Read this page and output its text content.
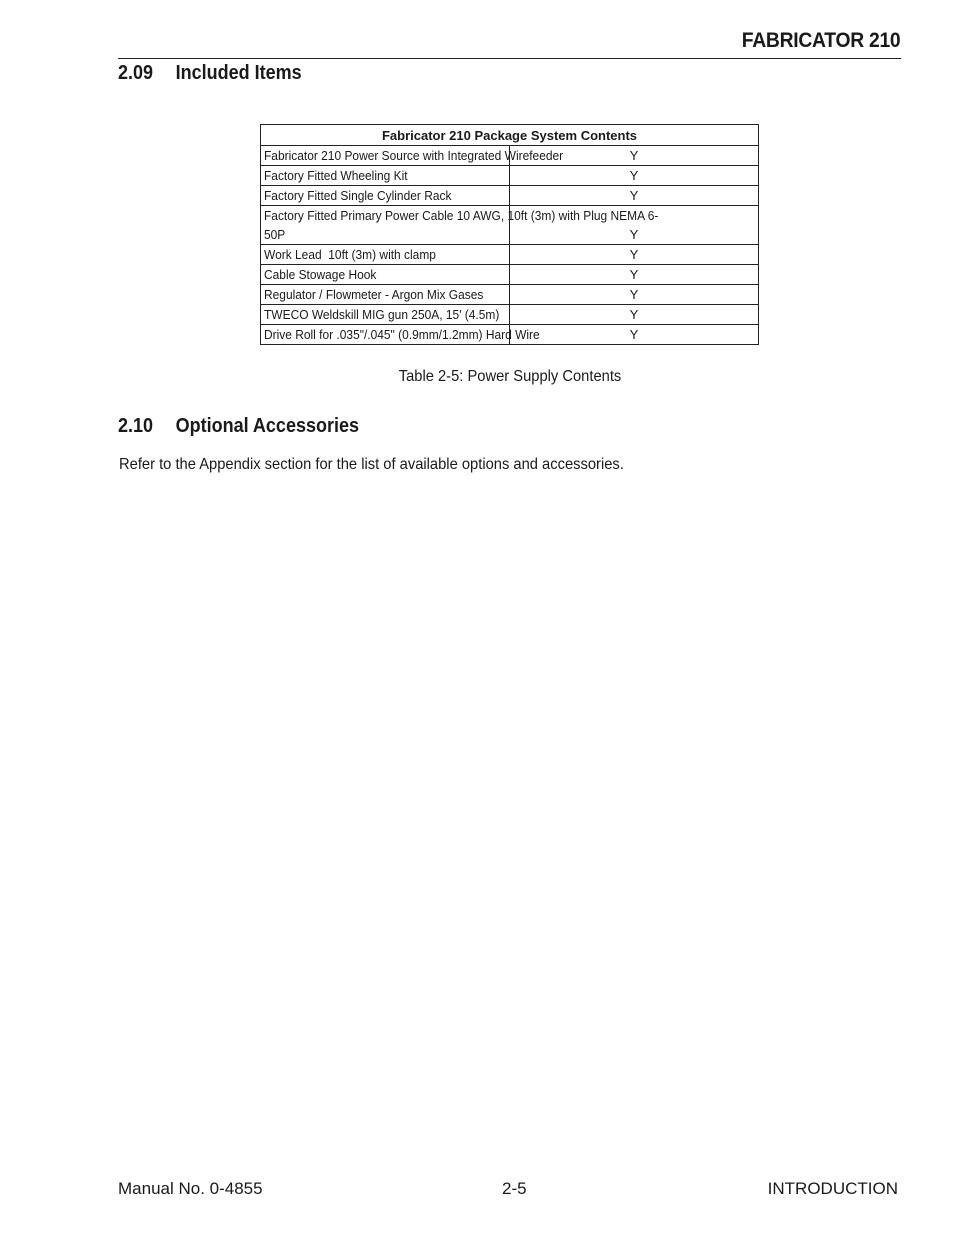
FABRICATOR 210
2.09 Included Items
Fabricator 210 Package System Contents	
Fabricator 210 Power Source with Integrated Wirefeeder	Y
Factory Fitted Wheeling Kit	Y
Factory Fitted Single Cylinder Rack	Y
Factory Fitted Primary Power Cable 10 AWG, 10ft (3m) with Plug NEMA 6-50P	Y
Work Lead  10ft (3m) with clamp	Y
Cable Stowage Hook	Y
Regulator / Flowmeter - Argon Mix Gases	Y
TWECO Weldskill MIG gun 250A, 15' (4.5m)	Y
Drive Roll for .035"/.045" (0.9mm/1.2mm) Hard Wire	Y
Table 2-5: Power Supply Contents
2.10 Optional Accessories
Refer to the Appendix section for the list of available options and accessories.
Manual No. 0-4855	2-5	INTRODUCTION
